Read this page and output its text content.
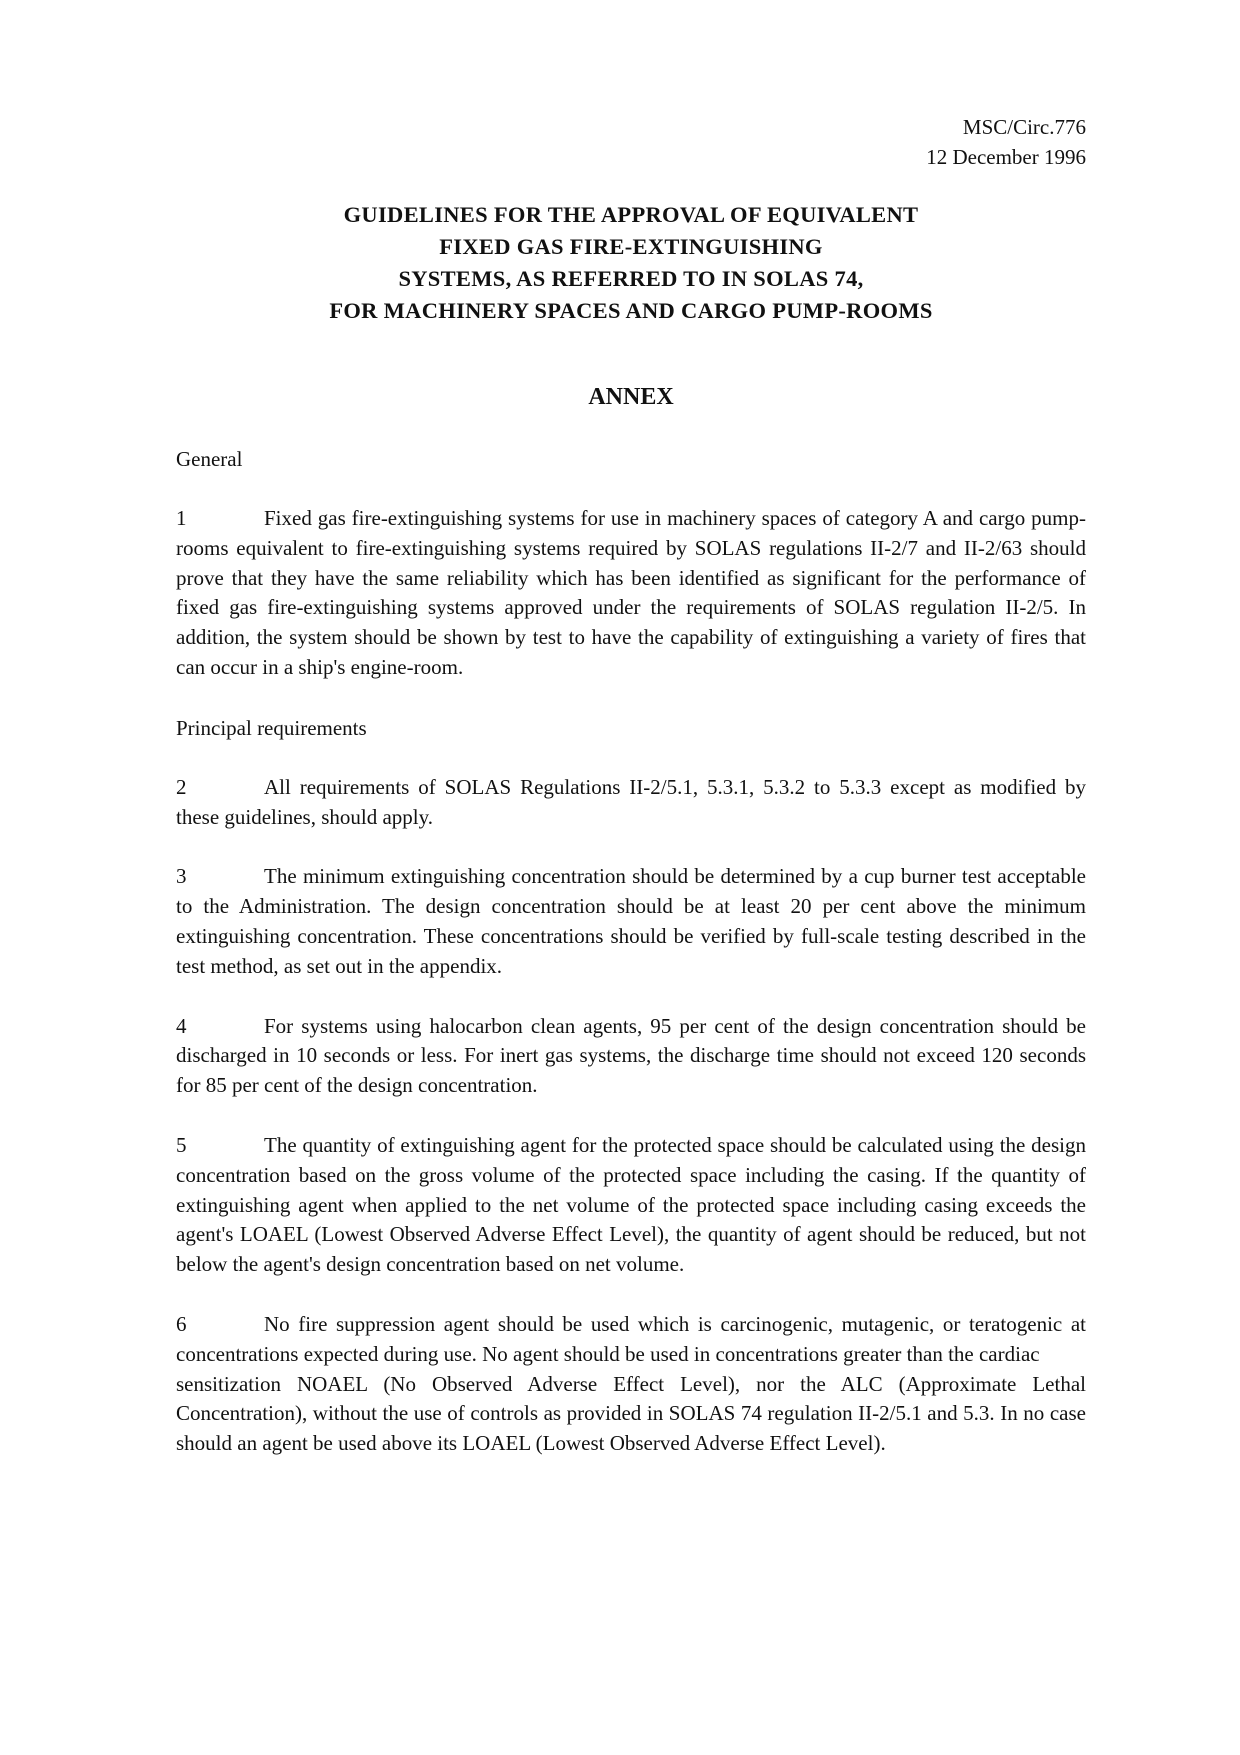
MSC/Circ.776
12 December 1996
GUIDELINES FOR THE APPROVAL OF EQUIVALENT
FIXED GAS FIRE-EXTINGUISHING
SYSTEMS, AS REFERRED TO IN SOLAS 74,
FOR MACHINERY SPACES AND CARGO PUMP-ROOMS
ANNEX
General
1	Fixed gas fire-extinguishing systems for use in machinery spaces of category A and cargo pump-rooms equivalent to fire-extinguishing systems required by SOLAS regulations II-2/7 and II-2/63 should prove that they have the same reliability which has been identified as significant for the performance of fixed gas fire-extinguishing systems approved under the requirements of SOLAS regulation II-2/5. In addition, the system should be shown by test to have the capability of extinguishing a variety of fires that can occur in a ship's engine-room.
Principal requirements
2	All requirements of SOLAS Regulations II-2/5.1, 5.3.1, 5.3.2 to 5.3.3 except as modified by these guidelines, should apply.
3	The minimum extinguishing concentration should be determined by a cup burner test acceptable to the Administration. The design concentration should be at least 20 per cent above the minimum extinguishing concentration. These concentrations should be verified by full-scale testing described in the test method, as set out in the appendix.
4	For systems using halocarbon clean agents, 95 per cent of the design concentration should be discharged in 10 seconds or less. For inert gas systems, the discharge time should not exceed 120 seconds for 85 per cent of the design concentration.
5	The quantity of extinguishing agent for the protected space should be calculated using the design concentration based on the gross volume of the protected space including the casing. If the quantity of extinguishing agent when applied to the net volume of the protected space including casing exceeds the agent's LOAEL (Lowest Observed Adverse Effect Level), the quantity of agent should be reduced, but not below the agent's design concentration based on net volume.
6	No fire suppression agent should be used which is carcinogenic, mutagenic, or teratogenic at concentrations expected during use. No agent should be used in concentrations greater than the cardiac
sensitization NOAEL (No Observed Adverse Effect Level), nor the ALC (Approximate Lethal Concentration), without the use of controls as provided in SOLAS 74 regulation II-2/5.1 and 5.3. In no case should an agent be used above its LOAEL (Lowest Observed Adverse Effect Level).
